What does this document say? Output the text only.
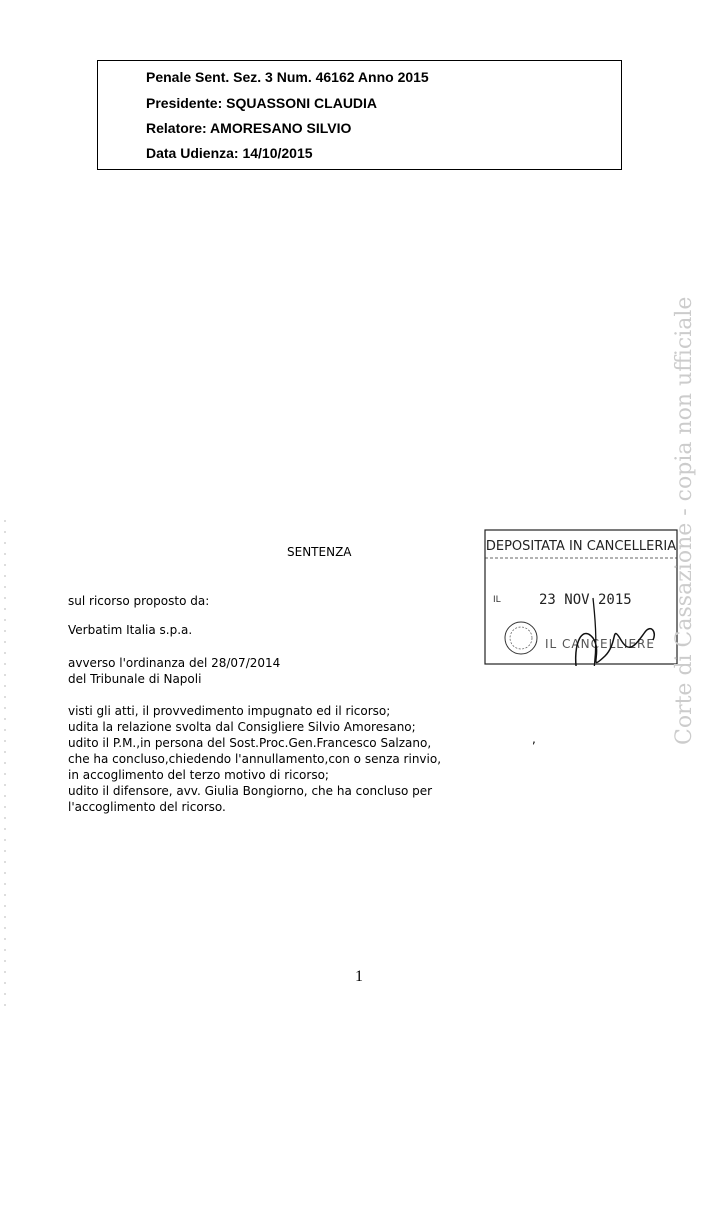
Penale Sent. Sez. 3 Num. 46162 Anno 2015
Presidente: SQUASSONI CLAUDIA
Relatore: AMORESANO SILVIO
Data Udienza: 14/10/2015
SENTENZA
sul ricorso proposto da:
Verbatim Italia s.p.a.
avverso l'ordinanza del 28/07/2014
del Tribunale di Napoli
visti gli atti, il provvedimento impugnato ed il ricorso;
udita la relazione svolta dal Consigliere Silvio Amoresano;
udito il P.M.,in persona del Sost.Proc.Gen.Francesco Salzano,
che ha concluso,chiedendo l'annullamento,con o senza rinvio,
in accoglimento del terzo motivo di ricorso;
udito il difensore, avv. Giulia Bongiorno, che ha concluso per
l'accoglimento del ricorso.
,
DEPOSITATA IN CANCELLERIA
IL	23 NOV 2015
IL CANCELLIERE Corte di Cassazione - copia non ufficiale
1
